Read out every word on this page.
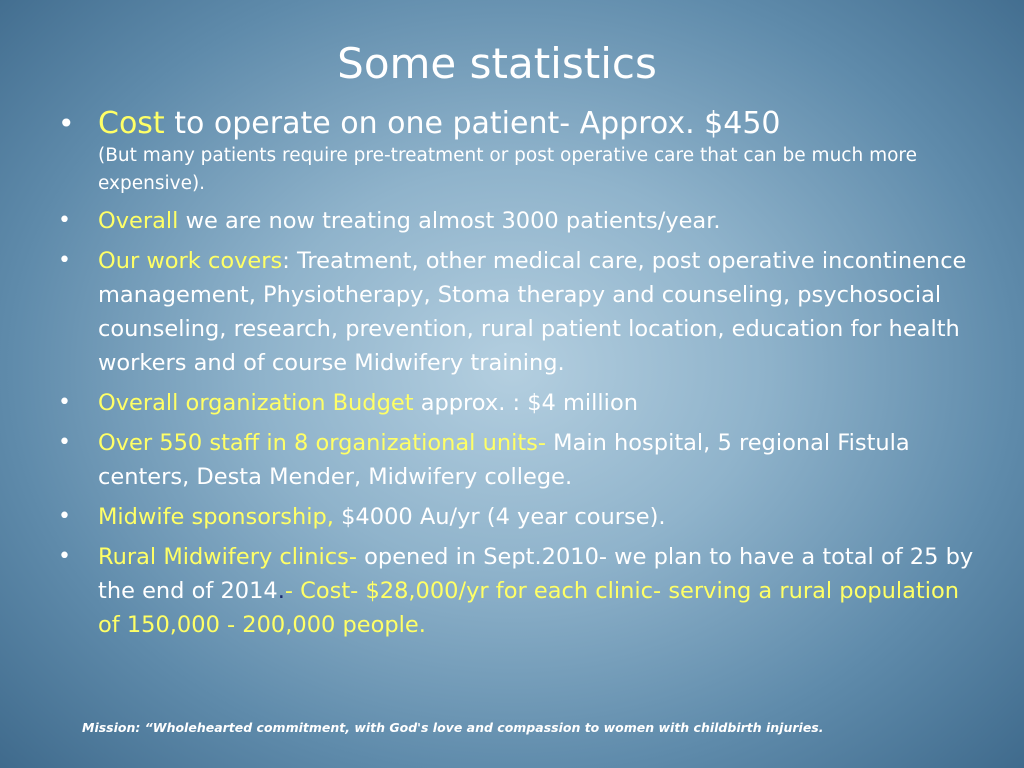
Some statistics
• Cost to operate on one patient- Approx. $450
(But many patients require pre-treatment or post operative care that can be much more expensive).
• Overall we are now treating almost 3000 patients/year.
• Our work covers: Treatment, other medical care, post operative incontinence management, Physiotherapy, Stoma therapy and counseling, psychosocial counseling, research, prevention, rural patient location, education for health workers and of course Midwifery training.
• Overall organization Budget approx. : $4 million
• Over 550 staff in 8 organizational units- Main hospital, 5 regional Fistula centers, Desta Mender, Midwifery college.
• Midwife sponsorship, $4000 Au/yr (4 year course).
• Rural Midwifery clinics- opened in Sept.2010- we plan to have a total of 25 by the end of 2014.- Cost- $28,000/yr for each clinic- serving a rural population of 150,000 - 200,000 people.
Mission: “Wholehearted commitment, with God's love and compassion to women with childbirth injuries.
